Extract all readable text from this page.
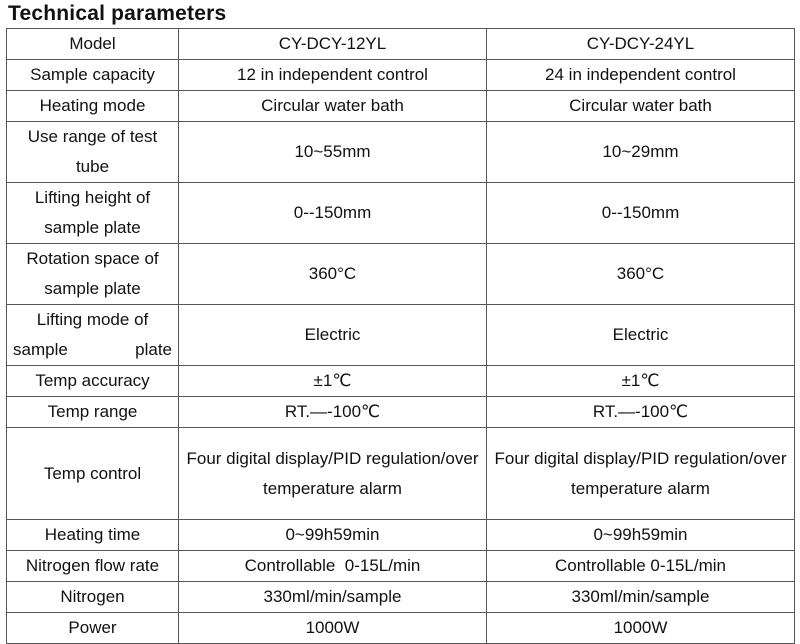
Technical parameters
Model	CY-DCY-12YL	CY-DCY-24YL
Sample capacity	12 in independent control	24 in independent control
Heating mode	Circular water bath	Circular water bath
Use range of test tube	10~55mm	10~29mm
Lifting height of sample plate	0--150mm	0--150mm
Rotation space of sample plate	360°C	360°C
Lifting mode of sample plate	Electric	Electric
Temp accuracy	±1℃	±1℃
Temp range	RT.—-100℃	RT.—-100℃
Temp control	Four digital display/PID regulation/over temperature alarm	Four digital display/PID regulation/over temperature alarm
Heating time	0~99h59min	0~99h59min
Nitrogen flow rate	Controllable  0-15L/min	Controllable 0-15L/min
Nitrogen	330ml/min/sample	330ml/min/sample
Power	1000W	1000W
